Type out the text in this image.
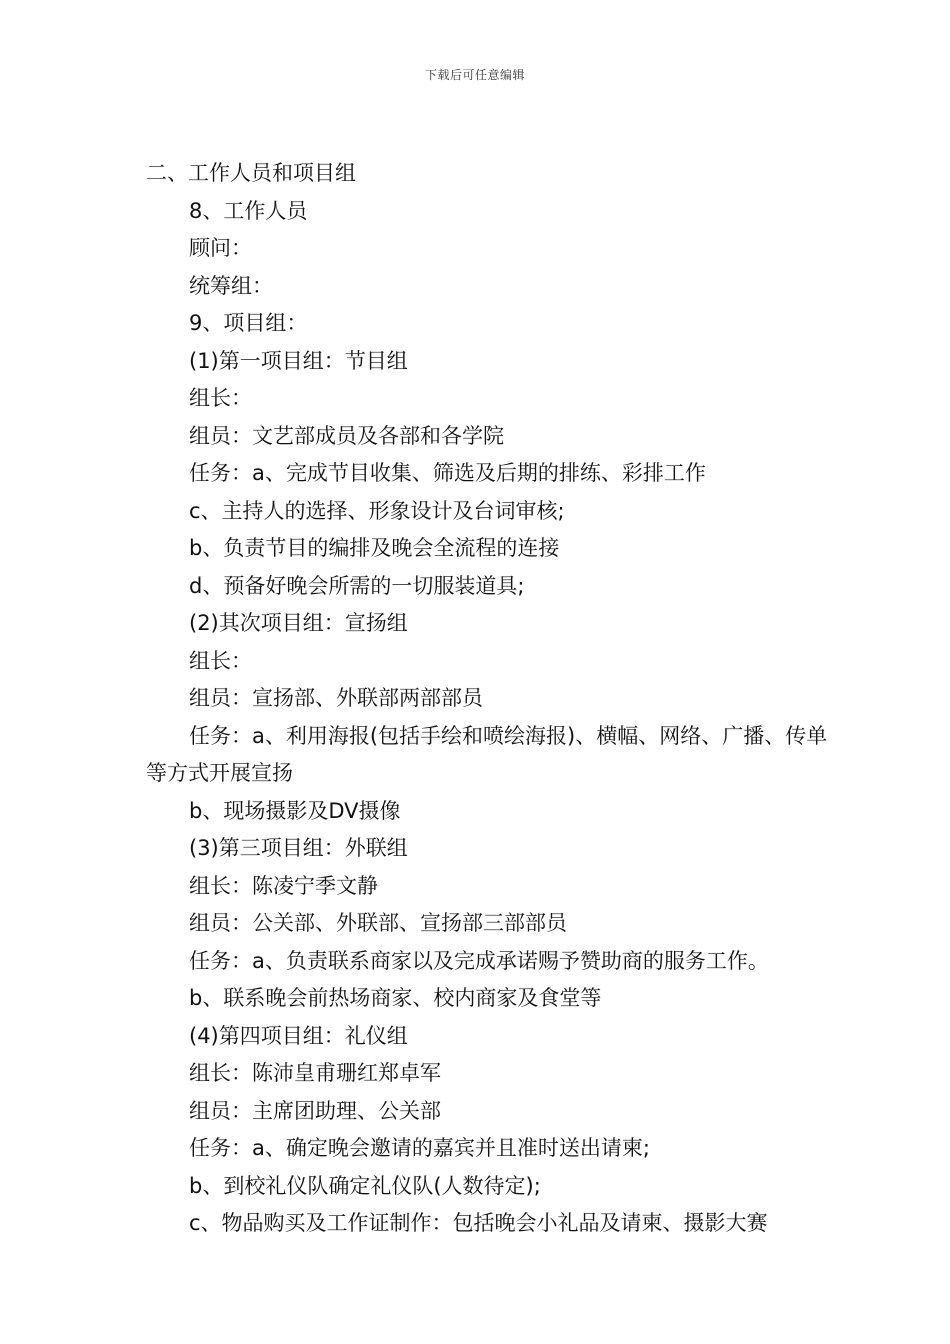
下载后可任意编辑
二、工作人员和项目组
8、工作人员
顾问：
统筹组：
9、项目组：
(1)第一项目组：节目组
组长：
组员：文艺部成员及各部和各学院
任务：a、完成节目收集、筛选及后期的排练、彩排工作
c、主持人的选择、形象设计及台词审核;
b、负责节目的编排及晚会全流程的连接
d、预备好晚会所需的一切服装道具;
(2)其次项目组：宣扬组
组长：
组员：宣扬部、外联部两部部员
任务：a、利用海报(包括手绘和喷绘海报)、横幅、网络、广播、传单等方式开展宣扬
b、现场摄影及DV摄像
(3)第三项目组：外联组
组长：陈凌宁季文静
组员：公关部、外联部、宣扬部三部部员
任务：a、负责联系商家以及完成承诺赐予赞助商的服务工作。
b、联系晚会前热场商家、校内商家及食堂等
(4)第四项目组：礼仪组
组长：陈沛皇甫珊红郑卓军
组员：主席团助理、公关部
任务：a、确定晚会邀请的嘉宾并且准时送出请柬;
b、到校礼仪队确定礼仪队(人数待定);
c、物品购买及工作证制作：包括晚会小礼品及请柬、摄影大赛
